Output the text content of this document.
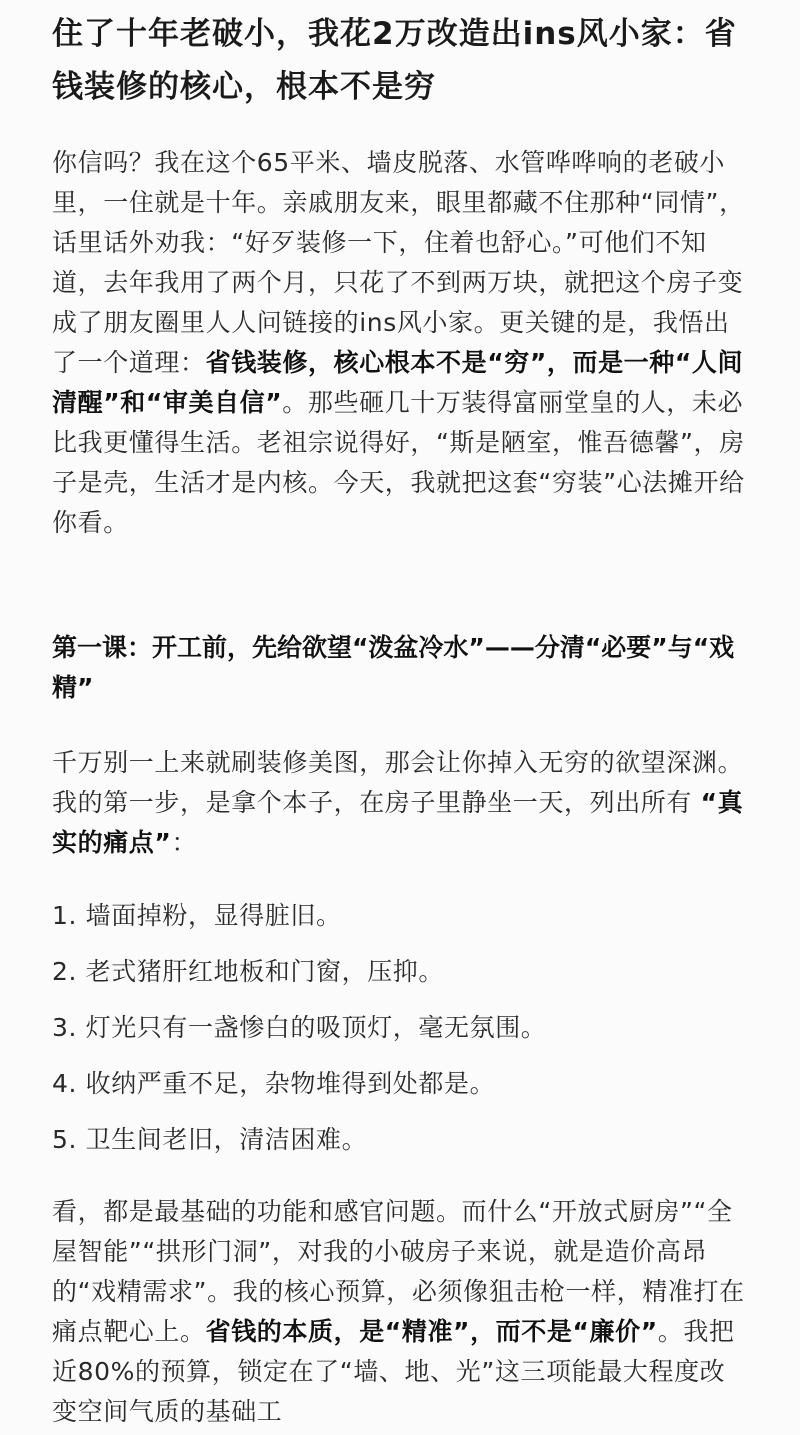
住了十年老破小，我花2万改造出ins风小家：省钱装修的核心，根本不是穷

你信吗？我在这个65平米、墙皮脱落、水管哗哗响的老破小里，一住就是十年。亲戚朋友来，眼里都藏不住那种“同情”，话里话外劝我：“好歹装修一下，住着也舒心。”可他们不知道，去年我用了两个月，只花了不到两万块，就把这个房子变成了朋友圈里人人问链接的ins风小家。更关键的是，我悟出了一个道理：省钱装修，核心根本不是“穷”，而是一种“人间清醒”和“审美自信”。那些砸几十万装得富丽堂皇的人，未必比我更懂得生活。老祖宗说得好，“斯是陋室，惟吾德馨”，房子是壳，生活才是内核。今天，我就把这套“穷装”心法摊开给你看。

第一课：开工前，先给欲望“泼盆冷水”——分清“必要”与“戏精”

千万别一上来就刷装修美图，那会让你掉入无穷的欲望深渊。我的第一步，是拿个本子，在房子里静坐一天，列出所有 “真实的痛点”：

1. 墙面掉粉，显得脏旧。

2. 老式猪肝红地板和门窗，压抑。

3. 灯光只有一盏惨白的吸顶灯，毫无氛围。

4. 收纳严重不足，杂物堆得到处都是。

5. 卫生间老旧，清洁困难。

看，都是最基础的功能和感官问题。而什么“开放式厨房”“全屋智能”“拱形门洞”，对我的小破房子来说，就是造价高昂的“戏精需求”。我的核心预算，必须像狙击枪一样，精准打在痛点靶心上。省钱的本质，是“精准”，而不是“廉价”。我把近80%的预算，锁定在了“墙、地、光”这三项能最大程度改变空间气质的基础工
